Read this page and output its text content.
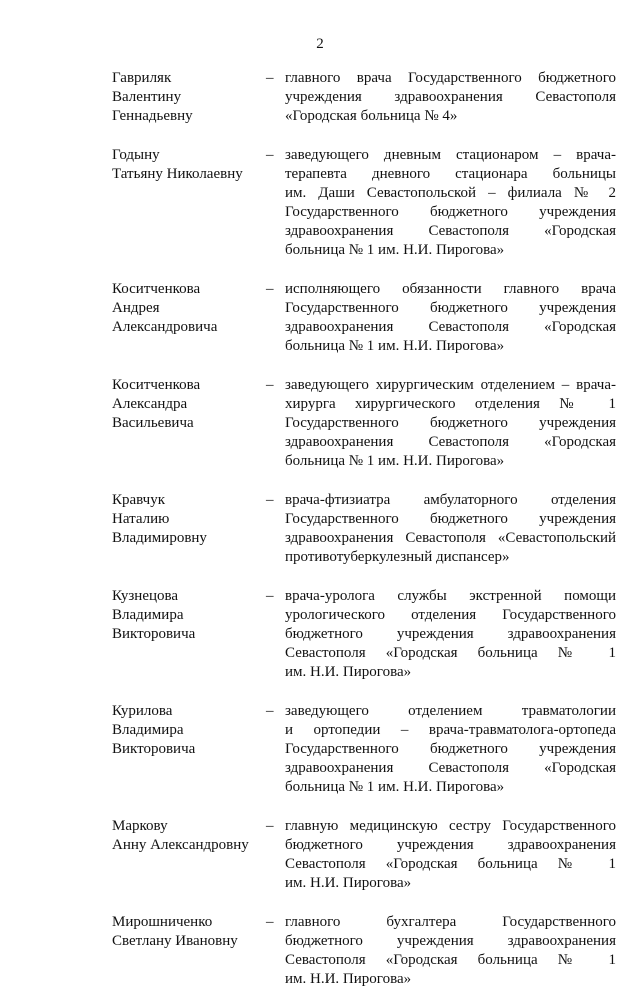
2
Гавриляк
Валентину
Геннадьевну
– главного врача Государственного бюджетного
учреждения здравоохранения Севастополя
«Городская больница № 4»
Годыну
Татьяну Николаевну
– заведующего дневным стационаром – врача-
терапевта дневного стационара больницы
им. Даши Севастопольской – филиала № 2
Государственного бюджетного учреждения
здравоохранения Севастополя «Городская
больница № 1 им. Н.И. Пирогова»
Коситченкова
Андрея
Александровича
– исполняющего обязанности главного врача
Государственного бюджетного учреждения
здравоохранения Севастополя «Городская
больница № 1 им. Н.И. Пирогова»
Коситченкова
Александра
Васильевича
– заведующего хирургическим отделением – врача-
хирурга хирургического отделения № 1
Государственного бюджетного учреждения
здравоохранения Севастополя «Городская
больница № 1 им. Н.И. Пирогова»
Кравчук
Наталию
Владимировну
– врача-фтизиатра амбулаторного отделения
Государственного бюджетного учреждения
здравоохранения Севастополя «Севастопольский
противотуберкулезный диспансер»
Кузнецова
Владимира
Викторовича
– врача-уролога службы экстренной помощи
урологического отделения Государственного
бюджетного учреждения здравоохранения
Севастополя «Городская больница № 1
им. Н.И. Пирогова»
Курилова
Владимира
Викторовича
– заведующего отделением травматологии
и ортопедии – врача-травматолога-ортопеда
Государственного бюджетного учреждения
здравоохранения Севастополя «Городская
больница № 1 им. Н.И. Пирогова»
Маркову
Анну Александровну
– главную медицинскую сестру Государственного
бюджетного учреждения здравоохранения
Севастополя «Городская больница № 1
им. Н.И. Пирогова»
Мирошниченко
Светлану Ивановну
– главного бухгалтера Государственного
бюджетного учреждения здравоохранения
Севастополя «Городская больница № 1
им. Н.И. Пирогова»
